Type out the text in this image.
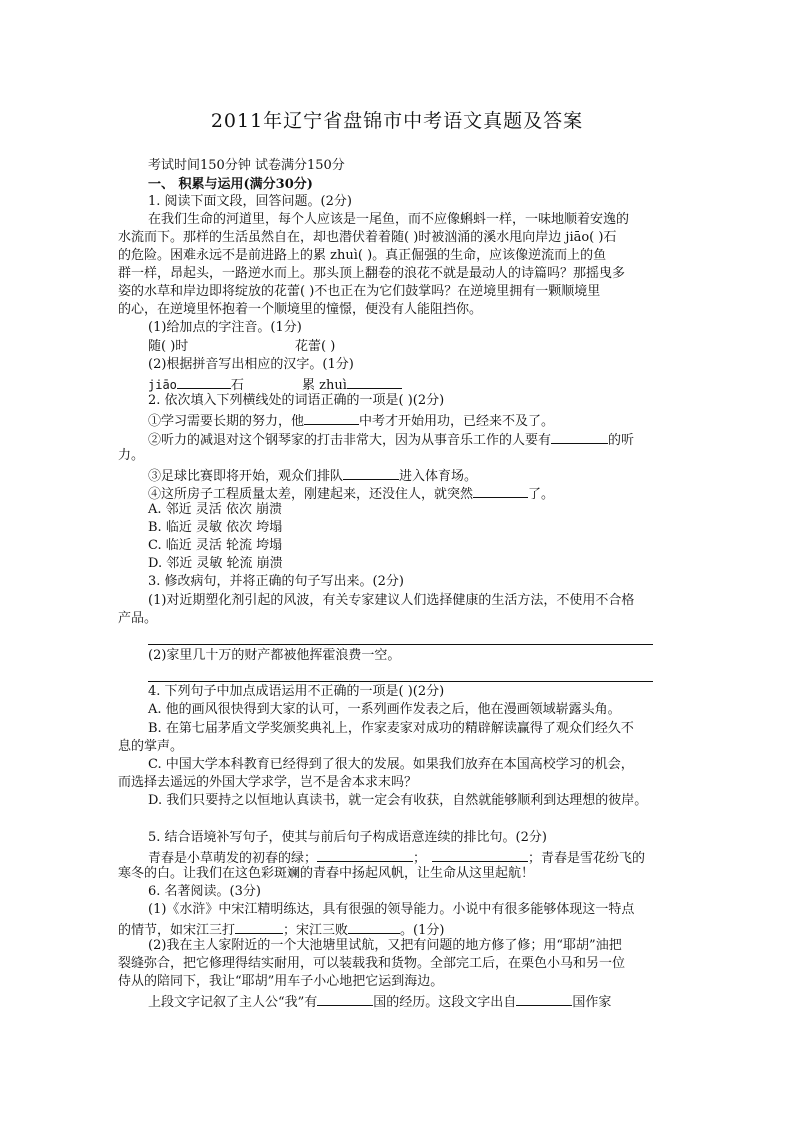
2011年辽宁省盘锦市中考语文真题及答案
考试时间150分钟 试卷满分150分
一、 积累与运用(满分30分)
1. 阅读下面文段，回答问题。(2分)
在我们生命的河道里，每个人应该是一尾鱼，而不应像蝌蚪一样，一味地顺着安逸的
水流而下。那样的生活虽然自在，却也潜伏着着随( )时被汹涌的溪水甩向岸边 jiāo( )石
的危险。困难永远不是前进路上的累 zhuì( )。真正倔强的生命，应该像逆流而上的鱼
群一样，昂起头，一路逆水而上。那头顶上翻卷的浪花不就是最动人的诗篇吗？那摇曳多
姿的水草和岸边即将绽放的花蕾( )不也正在为它们鼓掌吗？在逆境里拥有一颗顺境里
的心，在逆境里怀抱着一个顺境里的憧憬，便没有人能阻挡你。
(1)给加点的字注音。(1分)
随( )时	花蕾( )
(2)根据拼音写出相应的汉字。(1分)
jiāo	石	累 zhuì
2. 依次填入下列横线处的词语正确的一项是( )(2分)
①学习需要长期的努力，他	中考才开始用功，已经来不及了。
②听力的减退对这个钢琴家的打击非常大，因为从事音乐工作的人要有	的听
力。
③足球比赛即将开始，观众们排队	进入体育场。
④这所房子工程质量太差，刚建起来，还没住人，就突然	了。
A. 邻近 灵活 依次 崩溃
B. 临近 灵敏 依次 垮塌
C. 临近 灵活 轮流 垮塌
D. 邻近 灵敏 轮流 崩溃
3. 修改病句，并将正确的句子写出来。(2分)
(1)对近期塑化剂引起的风波，有关专家建议人们选择健康的生活方法，不使用不合格
产品。
(2)家里几十万的财产都被他挥霍浪费一空。
4. 下列句子中加点成语运用不正确的一项是( )(2分)
A. 他的画风很快得到大家的认可，一系列画作发表之后，他在漫画领域崭露头角。
B. 在第七届茅盾文学奖颁奖典礼上，作家麦家对成功的精辟解读赢得了观众们经久不
息的掌声。
C. 中国大学本科教育已经得到了很大的发展。如果我们放弃在本国高校学习的机会，
而选择去遥远的外国大学求学，岂不是舍本求末吗？
D. 我们只要持之以恒地认真读书，就一定会有收获，自然就能够顺利到达理想的彼岸。
5. 结合语境补写句子，使其与前后句子构成语意连续的排比句。(2分)
青春是小草萌发的初春的绿；	；	；青春是雪花纷飞的
寒冬的白。让我们在这色彩斑斓的青春中扬起风帆，让生命从这里起航！
6. 名著阅读。(3分)
(1)《水浒》中宋江精明练达，具有很强的领导能力。小说中有很多能够体现这一特点
的情节，如宋江三打	；宋江三败	。(1分)
(2)我在主人家附近的一个大池塘里试航，又把有问题的地方修了修；用“耶胡”油把
裂缝弥合，把它修理得结实耐用，可以装载我和货物。全部完工后，在栗色小马和另一位
侍从的陪同下，我让“耶胡”用车子小心地把它运到海边。
上段文字记叙了主人公“我”有	国的经历。这段文字出自	国作家
